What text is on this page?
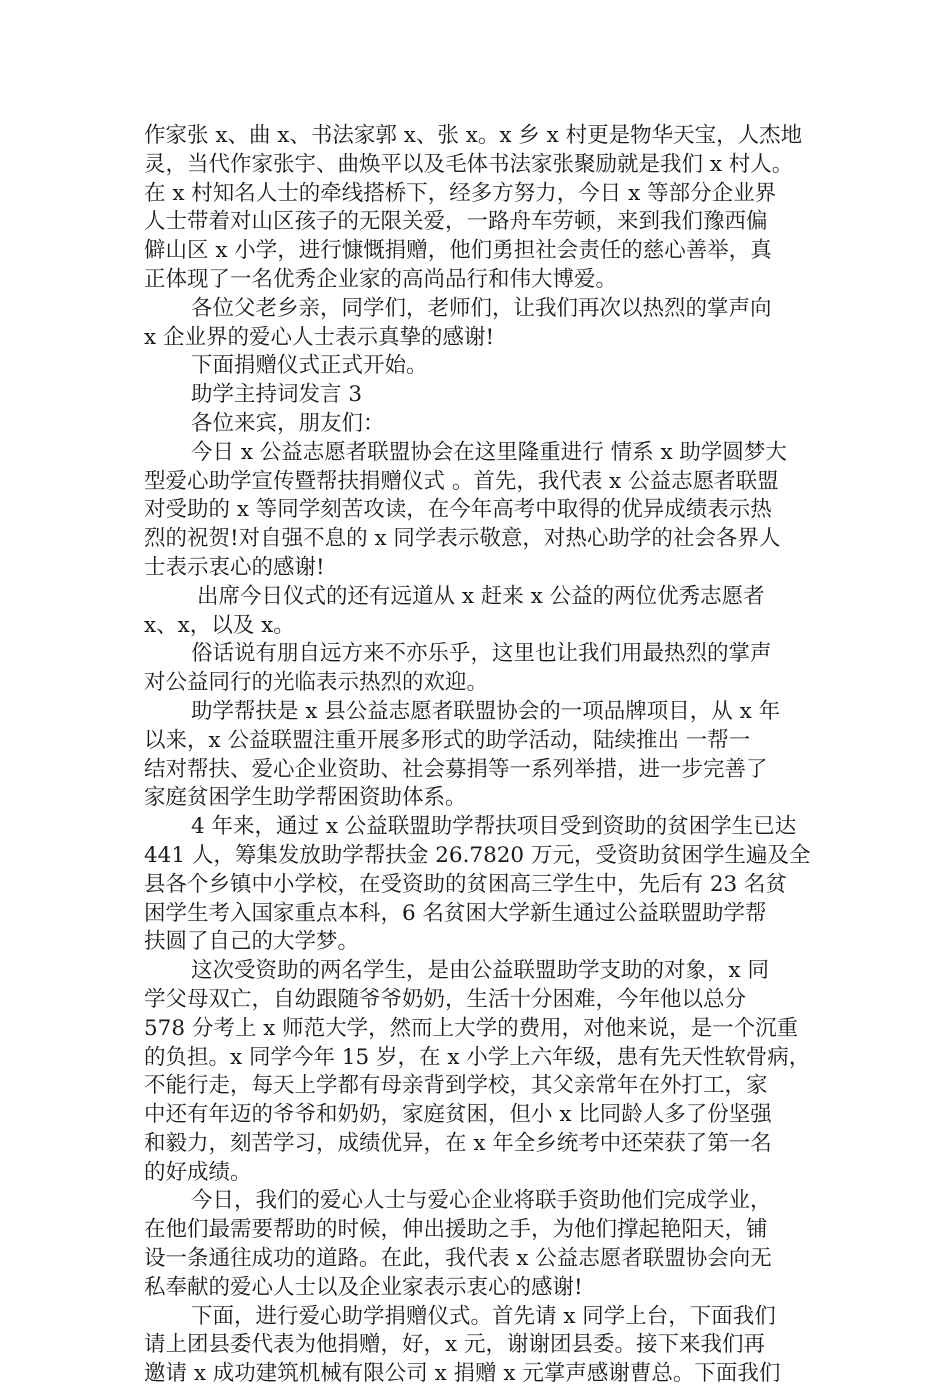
作家张 x、曲 x、书法家郭 x、张 x。x 乡 x 村更是物华天宝，人杰地
灵，当代作家张宇、曲焕平以及毛体书法家张聚励就是我们 x 村人。
在 x 村知名人士的牵线搭桥下，经多方努力，今日 x 等部分企业界
人士带着对山区孩子的无限关爱，一路舟车劳顿，来到我们豫西偏
僻山区 x 小学，进行慷慨捐赠，他们勇担社会责任的慈心善举，真
正体现了一名优秀企业家的高尚品行和伟大博爱。
各位父老乡亲，同学们，老师们，让我们再次以热烈的掌声向
x 企业界的爱心人士表示真挚的感谢!
下面捐赠仪式正式开始。
助学主持词发言 3
各位来宾，朋友们：
今日 x 公益志愿者联盟协会在这里隆重进行 情系 x 助学圆梦大
型爱心助学宣传暨帮扶捐赠仪式 。首先，我代表 x 公益志愿者联盟
对受助的 x 等同学刻苦攻读，在今年高考中取得的优异成绩表示热
烈的祝贺!对自强不息的 x 同学表示敬意，对热心助学的社会各界人
士表示衷心的感谢!
出席今日仪式的还有远道从 x 赶来 x 公益的两位优秀志愿者
x、x，以及 x。
俗话说有朋自远方来不亦乐乎，这里也让我们用最热烈的掌声
对公益同行的光临表示热烈的欢迎。
助学帮扶是 x 县公益志愿者联盟协会的一项品牌项目，从 x 年
以来，x 公益联盟注重开展多形式的助学活动，陆续推出 一帮一
结对帮扶、爱心企业资助、社会募捐等一系列举措，进一步完善了
家庭贫困学生助学帮困资助体系。
4 年来，通过 x 公益联盟助学帮扶项目受到资助的贫困学生已达
441 人，筹集发放助学帮扶金 26.7820 万元，受资助贫困学生遍及全
县各个乡镇中小学校，在受资助的贫困高三学生中，先后有 23 名贫
困学生考入国家重点本科，6 名贫困大学新生通过公益联盟助学帮
扶圆了自己的大学梦。
这次受资助的两名学生，是由公益联盟助学支助的对象，x 同
学父母双亡，自幼跟随爷爷奶奶，生活十分困难，今年他以总分
578 分考上 x 师范大学，然而上大学的费用，对他来说，是一个沉重
的负担。x 同学今年 15 岁，在 x 小学上六年级，患有先天性软骨病，
不能行走，每天上学都有母亲背到学校，其父亲常年在外打工，家
中还有年迈的爷爷和奶奶，家庭贫困，但小 x 比同龄人多了份坚强
和毅力，刻苦学习，成绩优异，在 x 年全乡统考中还荣获了第一名
的好成绩。
今日，我们的爱心人士与爱心企业将联手资助他们完成学业，
在他们最需要帮助的时候，伸出援助之手，为他们撑起艳阳天，铺
设一条通往成功的道路。在此，我代表 x 公益志愿者联盟协会向无
私奉献的爱心人士以及企业家表示衷心的感谢!
下面，进行爱心助学捐赠仪式。首先请 x 同学上台，下面我们
请上团县委代表为他捐赠，好，x 元，谢谢团县委。接下来我们再
邀请 x 成功建筑机械有限公司 x 捐赠 x 元掌声感谢曹总。下面我们
